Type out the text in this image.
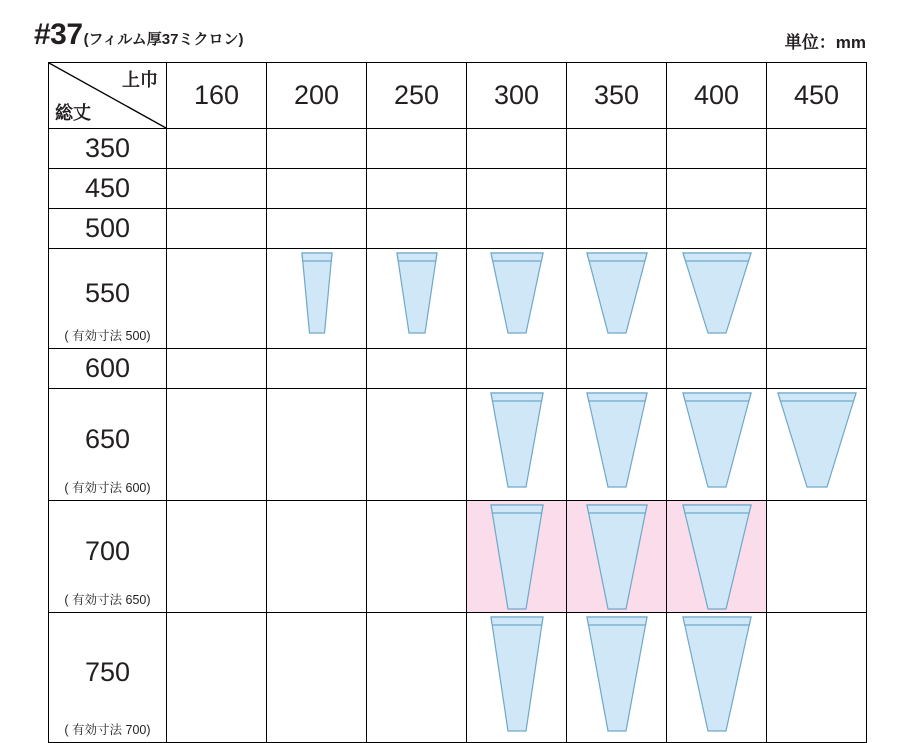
#37 (フィルム厚37ミクロン)	単位：mm
上巾
総丈	160	200	250	300	350	400	450
350							
450							
500							

550
( 有効寸法 500)

600							

650
( 有効寸法 600)

700
( 有効寸法 650)

750
( 有効寸法 700)
